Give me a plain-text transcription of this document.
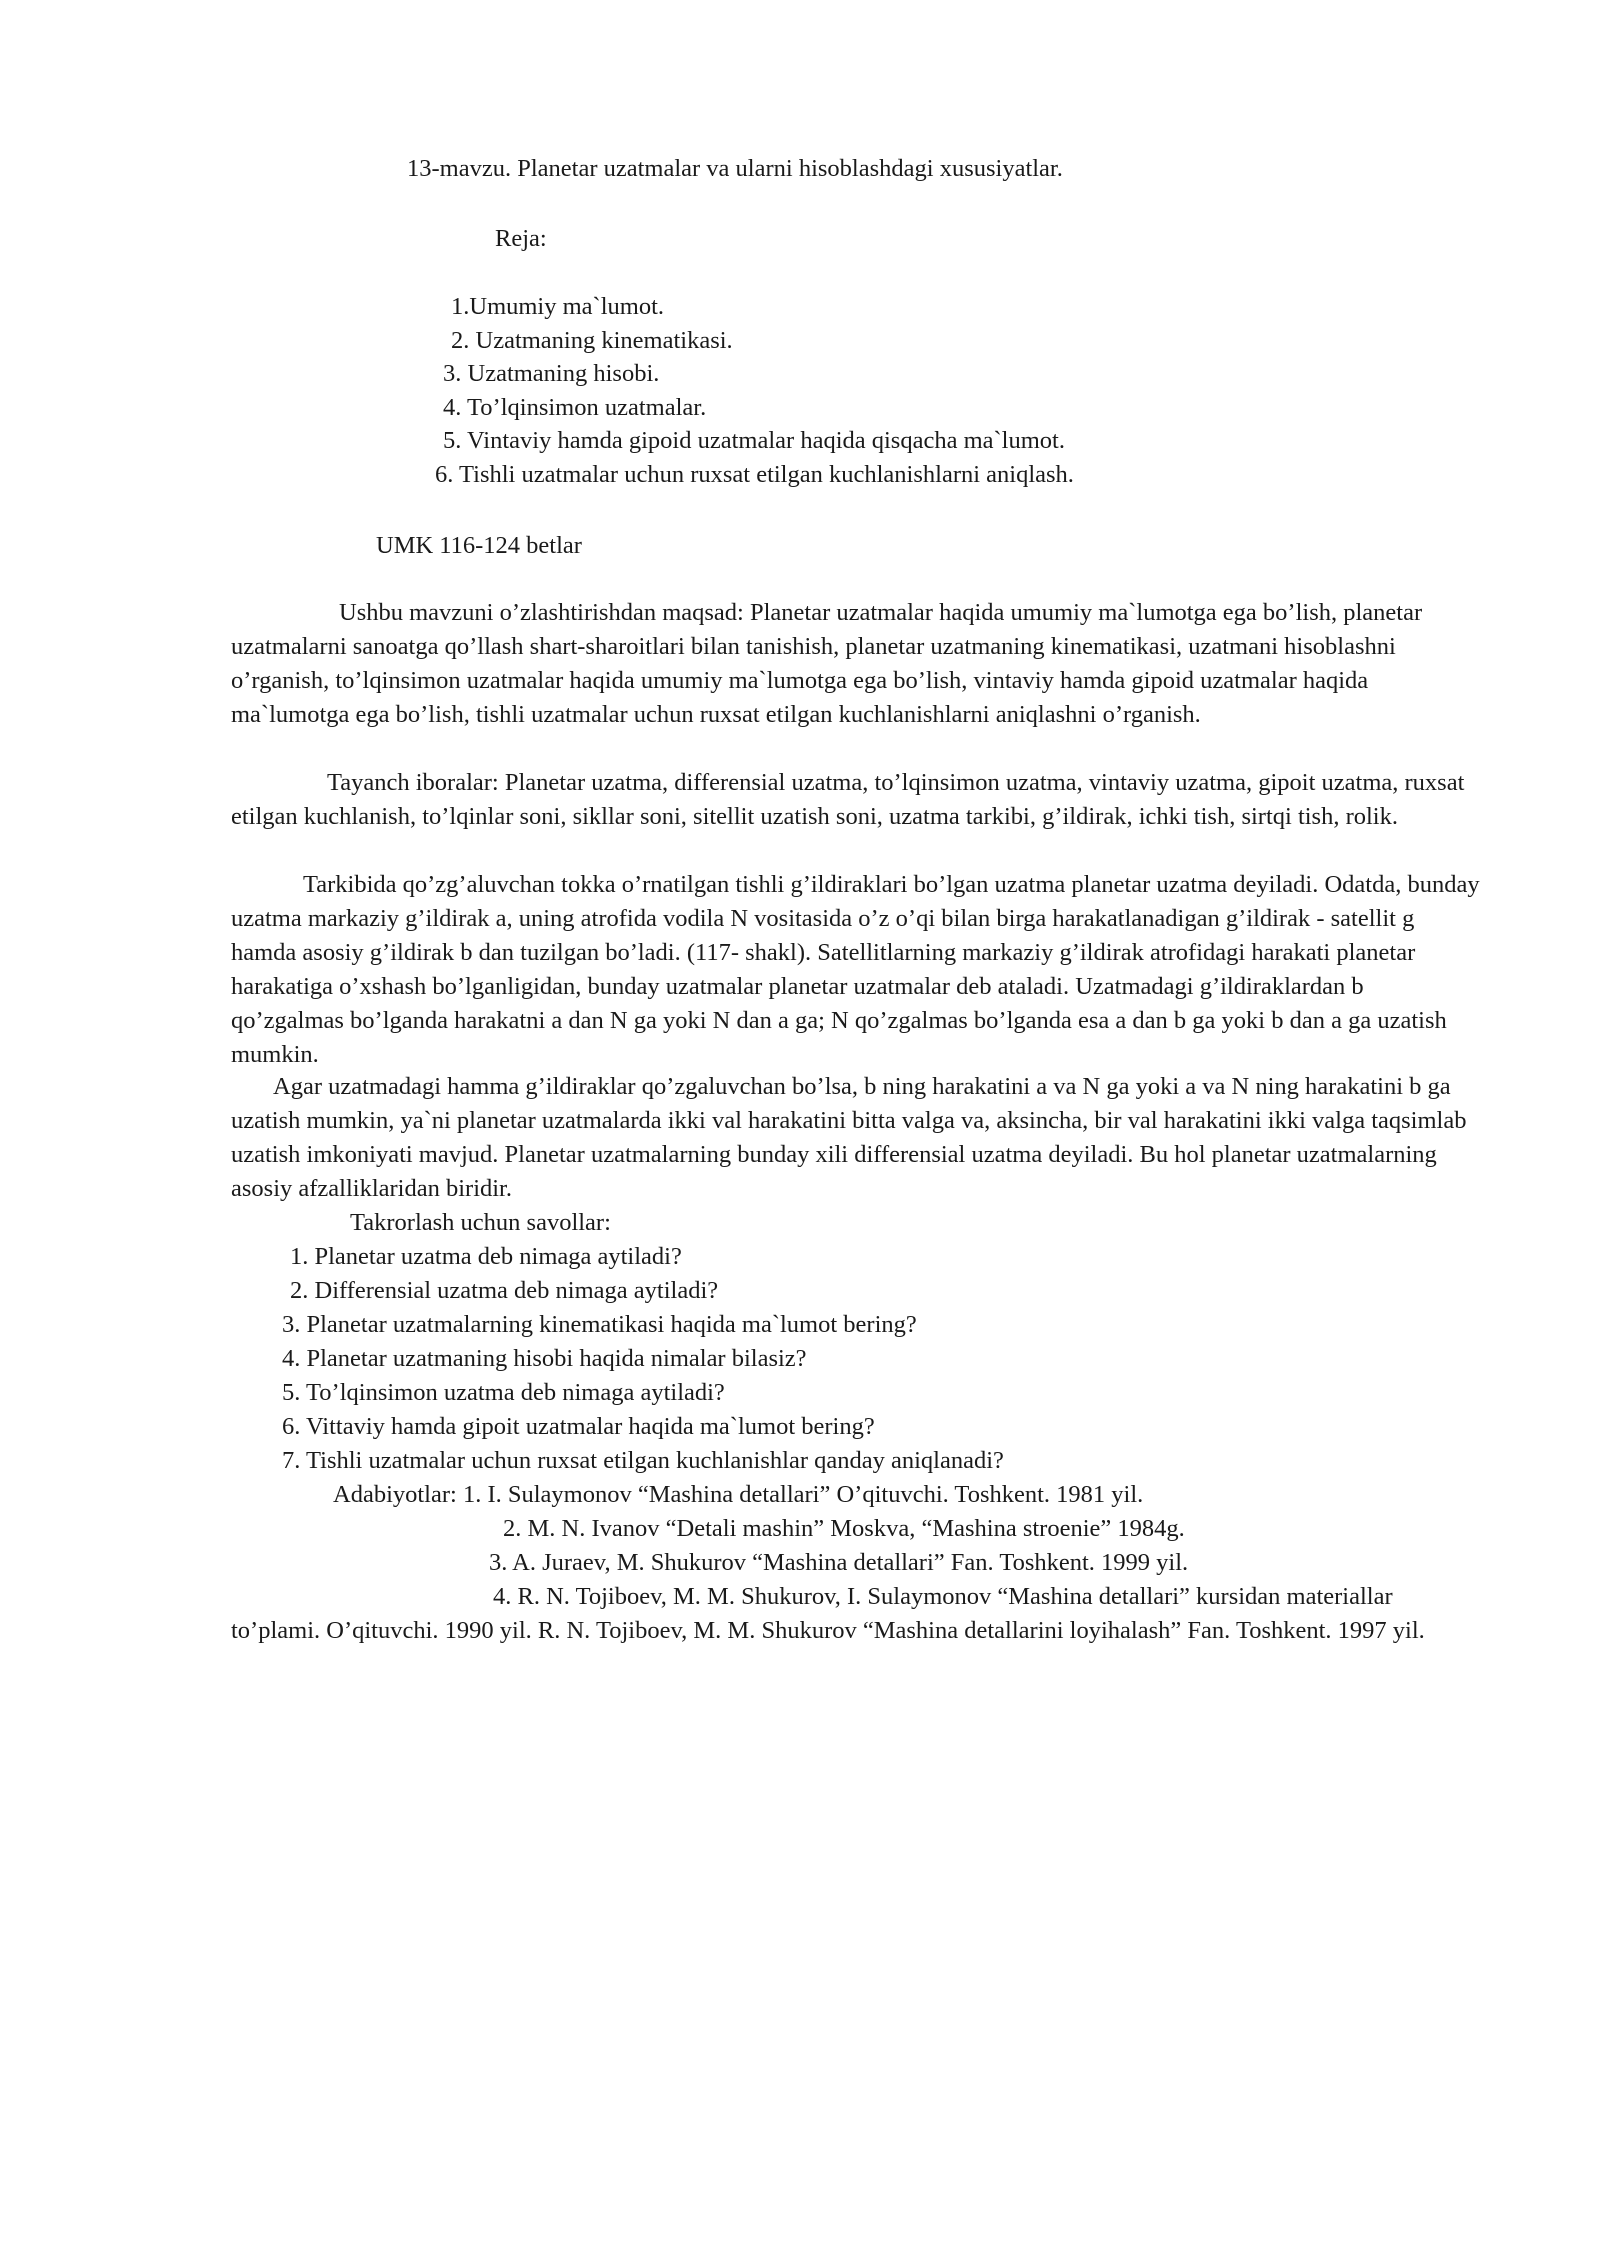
13-mavzu. Planetar uzatmalar va ularni hisoblashdagi xususiyatlar.
Reja:
1.Umumiy ma`lumot.
2. Uzatmaning kinematikasi.
3. Uzatmaning hisobi.
4. To’lqinsimon uzatmalar.
5. Vintaviy hamda gipoid uzatmalar haqida qisqacha ma`lumot.
6. Tishli uzatmalar uchun ruxsat etilgan kuchlanishlarni aniqlash.
UMK 116-124 betlar

Ushbu mavzuni o’zlashtirishdan maqsad: Planetar uzatmalar haqida umumiy ma`lumotga ega bo’lish, planetar uzatmalarni sanoatga qo’llash shart-sharoitlari bilan tanishish, planetar uzatmaning kinematikasi, uzatmani hisoblashni o’rganish, to’lqinsimon uzatmalar haqida umumiy ma`lumotga ega bo’lish, vintaviy hamda gipoid uzatmalar haqida ma`lumotga ega bo’lish, tishli uzatmalar uchun ruxsat etilgan kuchlanishlarni aniqlashni o’rganish.

Tayanch iboralar: Planetar uzatma, differensial uzatma, to’lqinsimon uzatma, vintaviy uzatma, gipoit uzatma, ruxsat etilgan kuchlanish, to’lqinlar soni, sikllar soni, sitellit uzatish soni, uzatma tarkibi, g’ildirak, ichki tish, sirtqi tish, rolik.

Tarkibida qo’zg’aluvchan tokka o’rnatilgan tishli g’ildiraklari bo’lgan uzatma planetar uzatma deyiladi. Odatda, bunday uzatma markaziy g’ildirak a, uning atrofida vodila N vositasida o’z o’qi bilan birga harakatlanadigan g’ildirak - satellit g hamda asosiy g’ildirak b dan tuzilgan bo’ladi. (117- shakl). Satellitlarning markaziy g’ildirak atrofidagi harakati planetar harakatiga o’xshash bo’lganligidan, bunday uzatmalar planetar uzatmalar deb ataladi. Uzatmadagi g’ildiraklardan b qo’zgalmas bo’lganda harakatni a dan N ga yoki N dan a ga; N qo’zgalmas bo’lganda esa a dan b ga yoki b dan a ga uzatish mumkin.

Agar uzatmadagi hamma g’ildiraklar qo’zgaluvchan bo’lsa, b ning harakatini a va N ga yoki a va N ning harakatini b ga uzatish mumkin, ya`ni planetar uzatmalarda ikki val harakatini bitta valga va, aksincha, bir val harakatini ikki valga taqsimlab uzatish imkoniyati mavjud. Planetar uzatmalarning bunday xili differensial uzatma deyiladi. Bu hol planetar uzatmalarning asosiy afzalliklaridan biridir.

Takrorlash uchun savollar:
1. Planetar uzatma deb nimaga aytiladi?
2. Differensial uzatma deb nimaga aytiladi?
3. Planetar uzatmalarning kinematikasi haqida ma`lumot bering?
4. Planetar uzatmaning hisobi haqida nimalar bilasiz?
5. To’lqinsimon uzatma deb nimaga aytiladi?
6. Vittaviy hamda gipoit uzatmalar haqida ma`lumot bering?
7. Tishli uzatmalar uchun ruxsat etilgan kuchlanishlar qanday aniqlanadi?
Adabiyotlar: 1. I. Sulaymonov “Mashina detallari” O’qituvchi. Toshkent. 1981 yil.
2. M. N. Ivanov “Detali mashin” Moskva, “Mashina stroenie” 1984g.
3. A. Juraev, M. Shukurov “Mashina detallari” Fan. Toshkent. 1999 yil.

4. R. N. Tojiboev, M. M. Shukurov, I. Sulaymonov “Mashina detallari” kursidan materiallar to’plami. O’qituvchi. 1990 yil. R. N. Tojiboev, M. M. Shukurov “Mashina detallarini loyihalash” Fan. Toshkent. 1997 yil.
